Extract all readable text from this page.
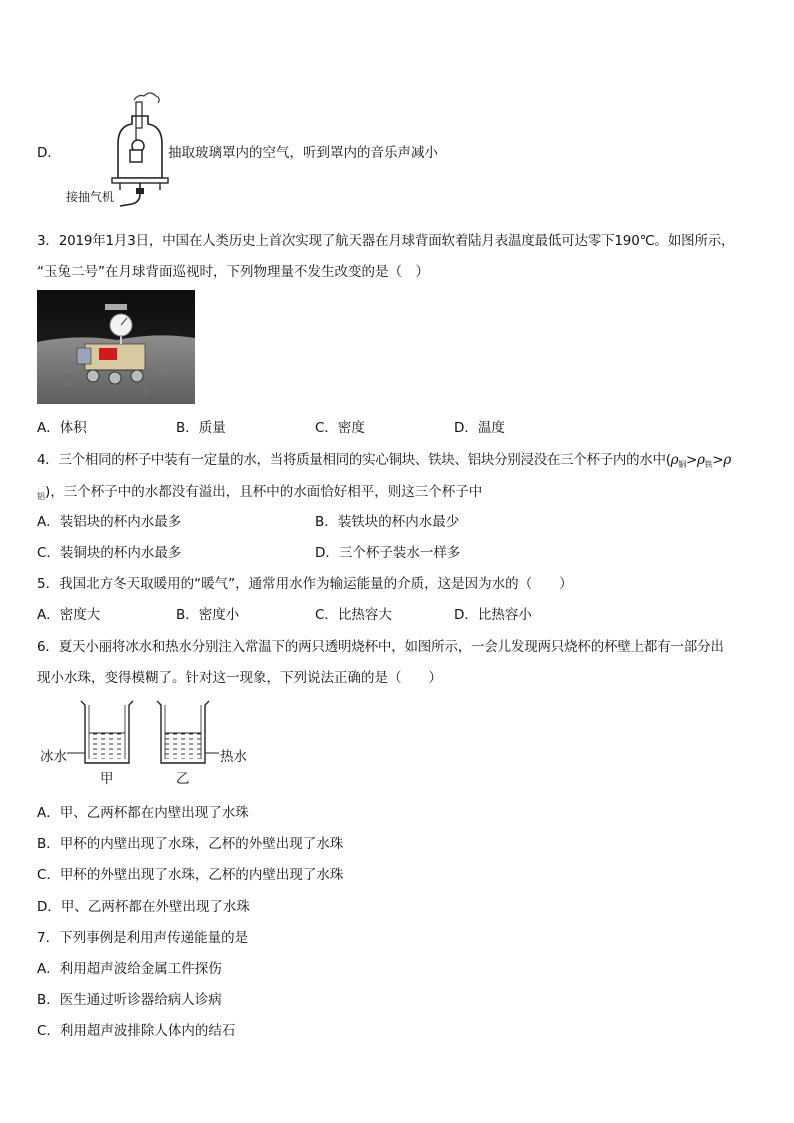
D．	抽取玻璃罩内的空气，听到罩内的音乐声减小
接抽气机
3．2019年1月3日，中国在人类历史上首次实现了航天器在月球背面软着陆月表温度最低可达零下190℃。如图所示，
“玉兔二号”在月球背面巡视时，下列物理量不发生改变的是（　）
A．体积	B．质量	C．密度	D．温度
4．三个相同的杯子中装有一定量的水，当将质量相同的实心铜块、铁块、铝块分别浸没在三个杯子内的水中($\rho_铜>\rho_铁>\rho$
$_铝$)，三个杯子中的水都没有溢出，且杯中的水面恰好相平，则这三个杯子中
A．装铝块的杯内水最多	B．装铁块的杯内水最少
C．装铜块的杯内水最多	D．三个杯子装水一样多
5．我国北方冬天取暖用的“暖气”，通常用水作为输运能量的介质，这是因为水的（　　）
A．密度大	B．密度小	C．比热容大	D．比热容小
6．夏天小丽将冰水和热水分别注入常温下的两只透明烧杯中，如图所示，一会儿发现两只烧杯的杯壁上都有一部分出
现小水珠，变得模糊了。针对这一现象，下列说法正确的是（　　）
冰水	热水
甲	乙
A．甲、乙两杯都在内壁出现了水珠
B．甲杯的内壁出现了水珠，乙杯的外壁出现了水珠
C．甲杯的外壁出现了水珠，乙杯的内壁出现了水珠
D．甲、乙两杯都在外壁出现了水珠
7．下列事例是利用声传递能量的是
A．利用超声波给金属工件探伤
B．医生通过听诊器给病人诊病
C．利用超声波排除人体内的结石
